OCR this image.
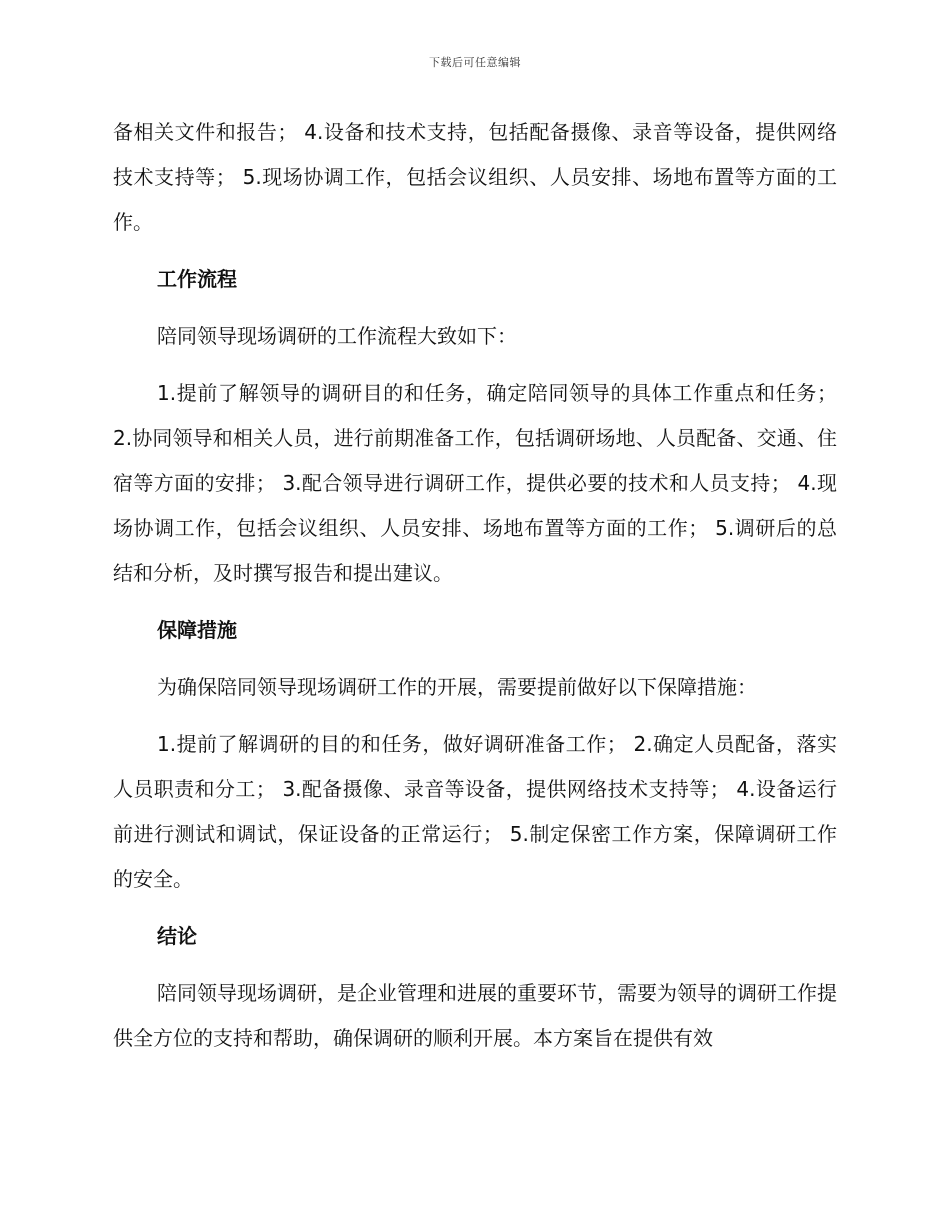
下载后可任意编辑

备相关文件和报告； 4.设备和技术支持，包括配备摄像、录音等设备，提供网络技术支持等； 5.现场协调工作，包括会议组织、人员安排、场地布置等方面的工作。

工作流程

陪同领导现场调研的工作流程大致如下：

1.提前了解领导的调研目的和任务，确定陪同领导的具体工作重点和任务； 2.协同领导和相关人员，进行前期准备工作，包括调研场地、人员配备、交通、住宿等方面的安排； 3.配合领导进行调研工作，提供必要的技术和人员支持； 4.现场协调工作，包括会议组织、人员安排、场地布置等方面的工作； 5.调研后的总结和分析，及时撰写报告和提出建议。

保障措施

为确保陪同领导现场调研工作的开展，需要提前做好以下保障措施：

1.提前了解调研的目的和任务，做好调研准备工作； 2.确定人员配备，落实人员职责和分工； 3.配备摄像、录音等设备，提供网络技术支持等； 4.设备运行前进行测试和调试，保证设备的正常运行； 5.制定保密工作方案，保障调研工作的安全。

结论

陪同领导现场调研，是企业管理和进展的重要环节，需要为领导的调研工作提供全方位的支持和帮助，确保调研的顺利开展。本方案旨在提供有效
